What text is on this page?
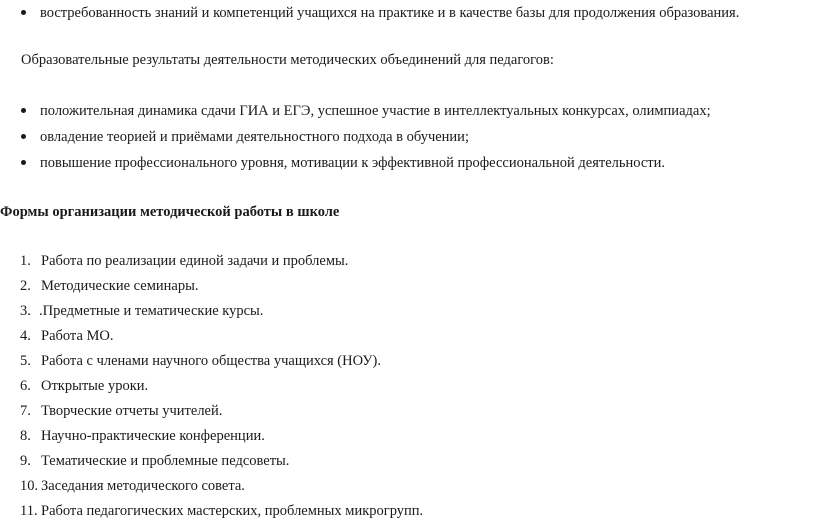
востребованность знаний и компетенций учащихся на практике и в качестве базы для продолжения образования.
Образовательные результаты деятельности методических объединений для педагогов:
положительная динамика сдачи ГИА и ЕГЭ, успешное участие в интеллектуальных конкурсах, олимпиадах;
овладение теорией и приёмами деятельностного подхода в обучении;
повышение профессионального уровня, мотивации к эффективной профессиональной деятельности.
Формы организации методической работы в школе
1. Работа по реализации единой задачи и проблемы.
2. Методические семинары.
3. .Предметные и тематические курсы.
4. Работа МО.
5. Работа с членами научного общества учащихся (НОУ).
6. Открытые уроки.
7. Творческие отчеты учителей.
8. Научно-практические конференции.
9. Тематические и проблемные педсоветы.
10. Заседания методического совета.
11. Работа педагогических мастерских, проблемных микрогрупп.
